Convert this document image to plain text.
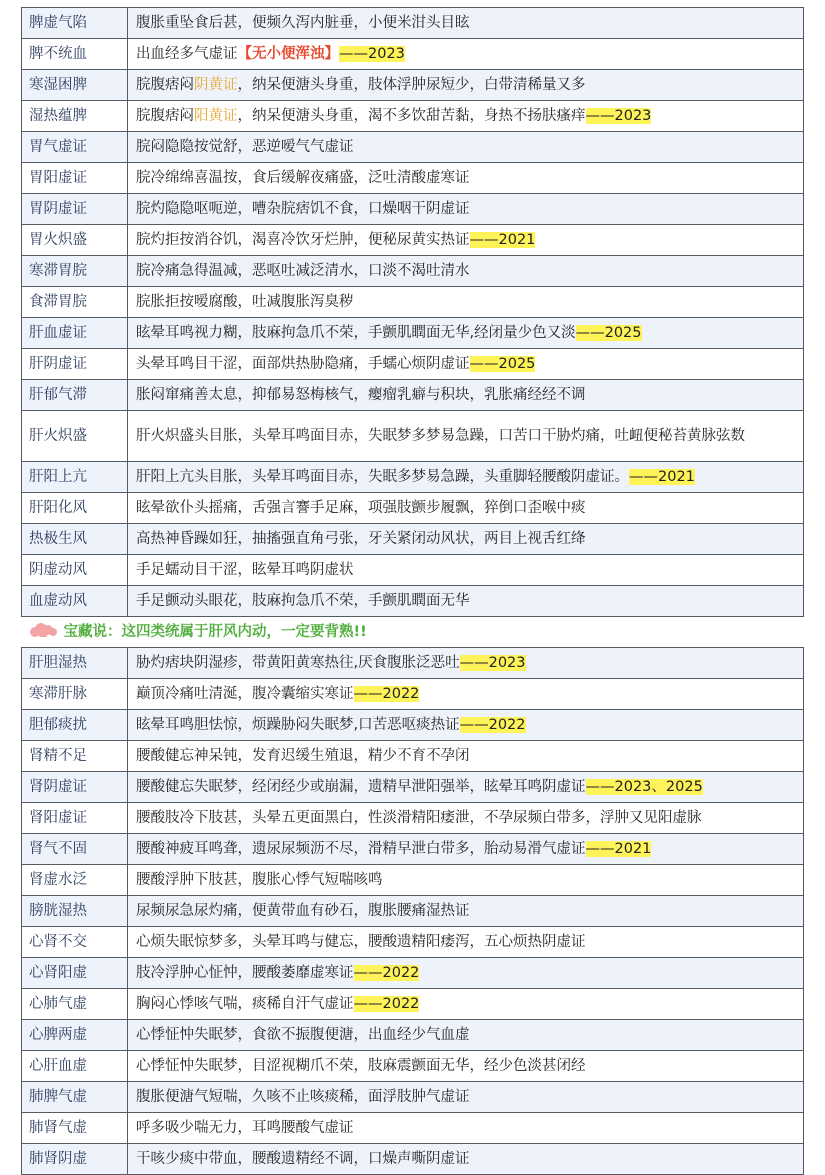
脾虚气陷	腹胀重坠食后甚，便频久泻内脏垂，小便米泔头目眩
脾不统血	出血经多气虚证【无小便浑浊】——2023
寒湿困脾	脘腹痞闷阴黄证，纳呆便溏头身重，肢体浮肿尿短少，白带清稀量又多
湿热蕴脾	脘腹痞闷阳黄证，纳呆便溏头身重，渴不多饮甜苦黏，身热不扬肤瘙痒——2023
胃气虚证	脘闷隐隐按觉舒，恶逆嗳气气虚证
胃阳虚证	脘冷绵绵喜温按，食后缓解夜痛盛，泛吐清酸虚寒证
胃阴虚证	脘灼隐隐呕呃逆，嘈杂脘痞饥不食，口燥咽干阴虚证
胃火炽盛	脘灼拒按消谷饥，渴喜冷饮牙烂肿，便秘尿黄实热证——2021
寒滞胃脘	脘冷痛急得温减，恶呕吐减泛清水，口淡不渴吐清水
食滞胃脘	脘胀拒按嗳腐酸，吐减腹胀泻臭秽
肝血虚证	眩晕耳鸣视力糊，肢麻拘急爪不荣，手颤肌瞤面无华,经闭量少色又淡——2025
肝阴虚证	头晕耳鸣目干涩，面部烘热胁隐痛，手蠕心烦阴虚证——2025
肝郁气滞	胀闷窜痛善太息，抑郁易怒梅核气，瘿瘤乳癖与积块，乳胀痛经经不调
肝火炽盛	肝火炽盛头目胀，头晕耳鸣面目赤，失眠梦多梦易急躁，口苦口干胁灼痛，吐衄便秘苔黄脉弦数
肝阳上亢	肝阳上亢头目胀，头晕耳鸣面目赤，失眠多梦易急躁，头重脚轻腰酸阴虚证。——2021
肝阳化风	眩晕欲仆头摇痛，舌强言謇手足麻，项强肢颤步履飘，猝倒口歪喉中痰
热极生风	高热神昏躁如狂，抽搐强直角弓张，牙关紧闭动风状，两目上视舌红绛
阴虚动风	手足蠕动目干涩，眩晕耳鸣阴虚状
血虚动风	手足颤动头眼花，肢麻拘急爪不荣，手颤肌瞤面无华
宝藏说：这四类统属于肝风内动，一定要背熟!!	
肝胆湿热	胁灼痞块阴湿疹，带黄阳黄寒热往,厌食腹胀泛恶吐——2023
寒滞肝脉	巅顶冷痛吐清涎，腹冷囊缩实寒证——2022
胆郁痰扰	眩晕耳鸣胆怯惊，烦躁胁闷失眠梦,口苦恶呕痰热证——2022
肾精不足	腰酸健忘神呆钝，发育迟缓生殖退，精少不育不孕闭
肾阴虚证	腰酸健忘失眠梦，经闭经少或崩漏，遗精早泄阳强举，眩晕耳鸣阴虚证——2023、2025
肾阳虚证	腰酸肢冷下肢甚，头晕五更面黑白，性淡滑精阳痿泄，不孕尿频白带多，浮肿又见阳虚脉
肾气不固	腰酸神疲耳鸣聋，遗尿尿频沥不尽，滑精早泄白带多，胎动易滑气虚证——2021
肾虚水泛	腰酸浮肿下肢甚，腹胀心悸气短喘咳鸣
膀胱湿热	尿频尿急尿灼痛，便黄带血有砂石，腹胀腰痛湿热证
心肾不交	心烦失眠惊梦多，头晕耳鸣与健忘，腰酸遗精阳痿泻，五心烦热阴虚证
心肾阳虚	肢冷浮肿心怔忡，腰酸萎靡虚寒证——2022
心肺气虚	胸闷心悸咳气喘，痰稀自汗气虚证——2022
心脾两虚	心悸怔忡失眠梦，食欲不振腹便溏，出血经少气血虚
心肝血虚	心悸怔忡失眠梦，目涩视糊爪不荣，肢麻震颤面无华，经少色淡甚闭经
肺脾气虚	腹胀便溏气短喘，久咳不止咳痰稀，面浮肢肿气虚证
肺肾气虚	呼多吸少喘无力，耳鸣腰酸气虚证
肺肾阴虚	干咳少痰中带血，腰酸遗精经不调，口燥声嘶阴虚证
